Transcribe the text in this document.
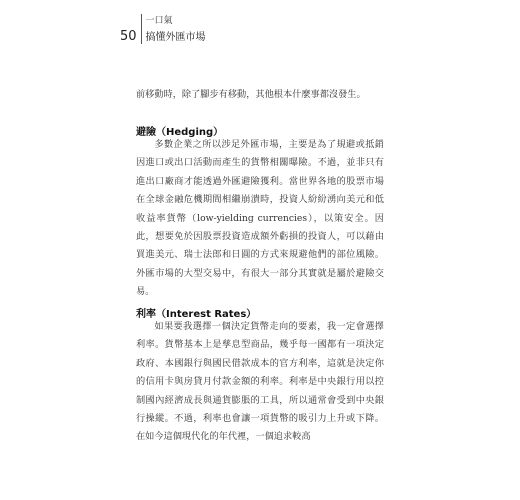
50
一口氣
搞懂外匯市場

前移動時，除了腳步有移動，其他根本什麼事都沒發生。

避險（Hedging）

多數企業之所以涉足外匯市場，主要是為了規避或抵銷因進口或出口活動而產生的貨幣相關曝險。不過，並非只有進出口廠商才能透過外匯避險獲利。當世界各地的股票市場在全球金融危機期間相繼崩潰時，投資人紛紛湧向美元和低收益率貨幣（low-yielding currencies），以策安全。因此，想要免於因股票投資造成額外虧損的投資人，可以藉由買進美元、瑞士法郎和日圓的方式來規避他們的部位風險。外匯市場的大型交易中，有很大一部分其實就是屬於避險交易。

利率（Interest Rates）

如果要我選擇一個決定貨幣走向的要素，我一定會選擇利率。貨幣基本上是孳息型商品，幾乎每一國都有一項決定政府、本國銀行與國民借款成本的官方利率，這就是決定你的信用卡與房貸月付款金額的利率。利率是中央銀行用以控制國內經濟成長與通貨膨脹的工具，所以通常會受到中央銀行操縱。不過，利率也會讓一項貨幣的吸引力上升或下降。在如今這個現代化的年代裡，一個追求較高
